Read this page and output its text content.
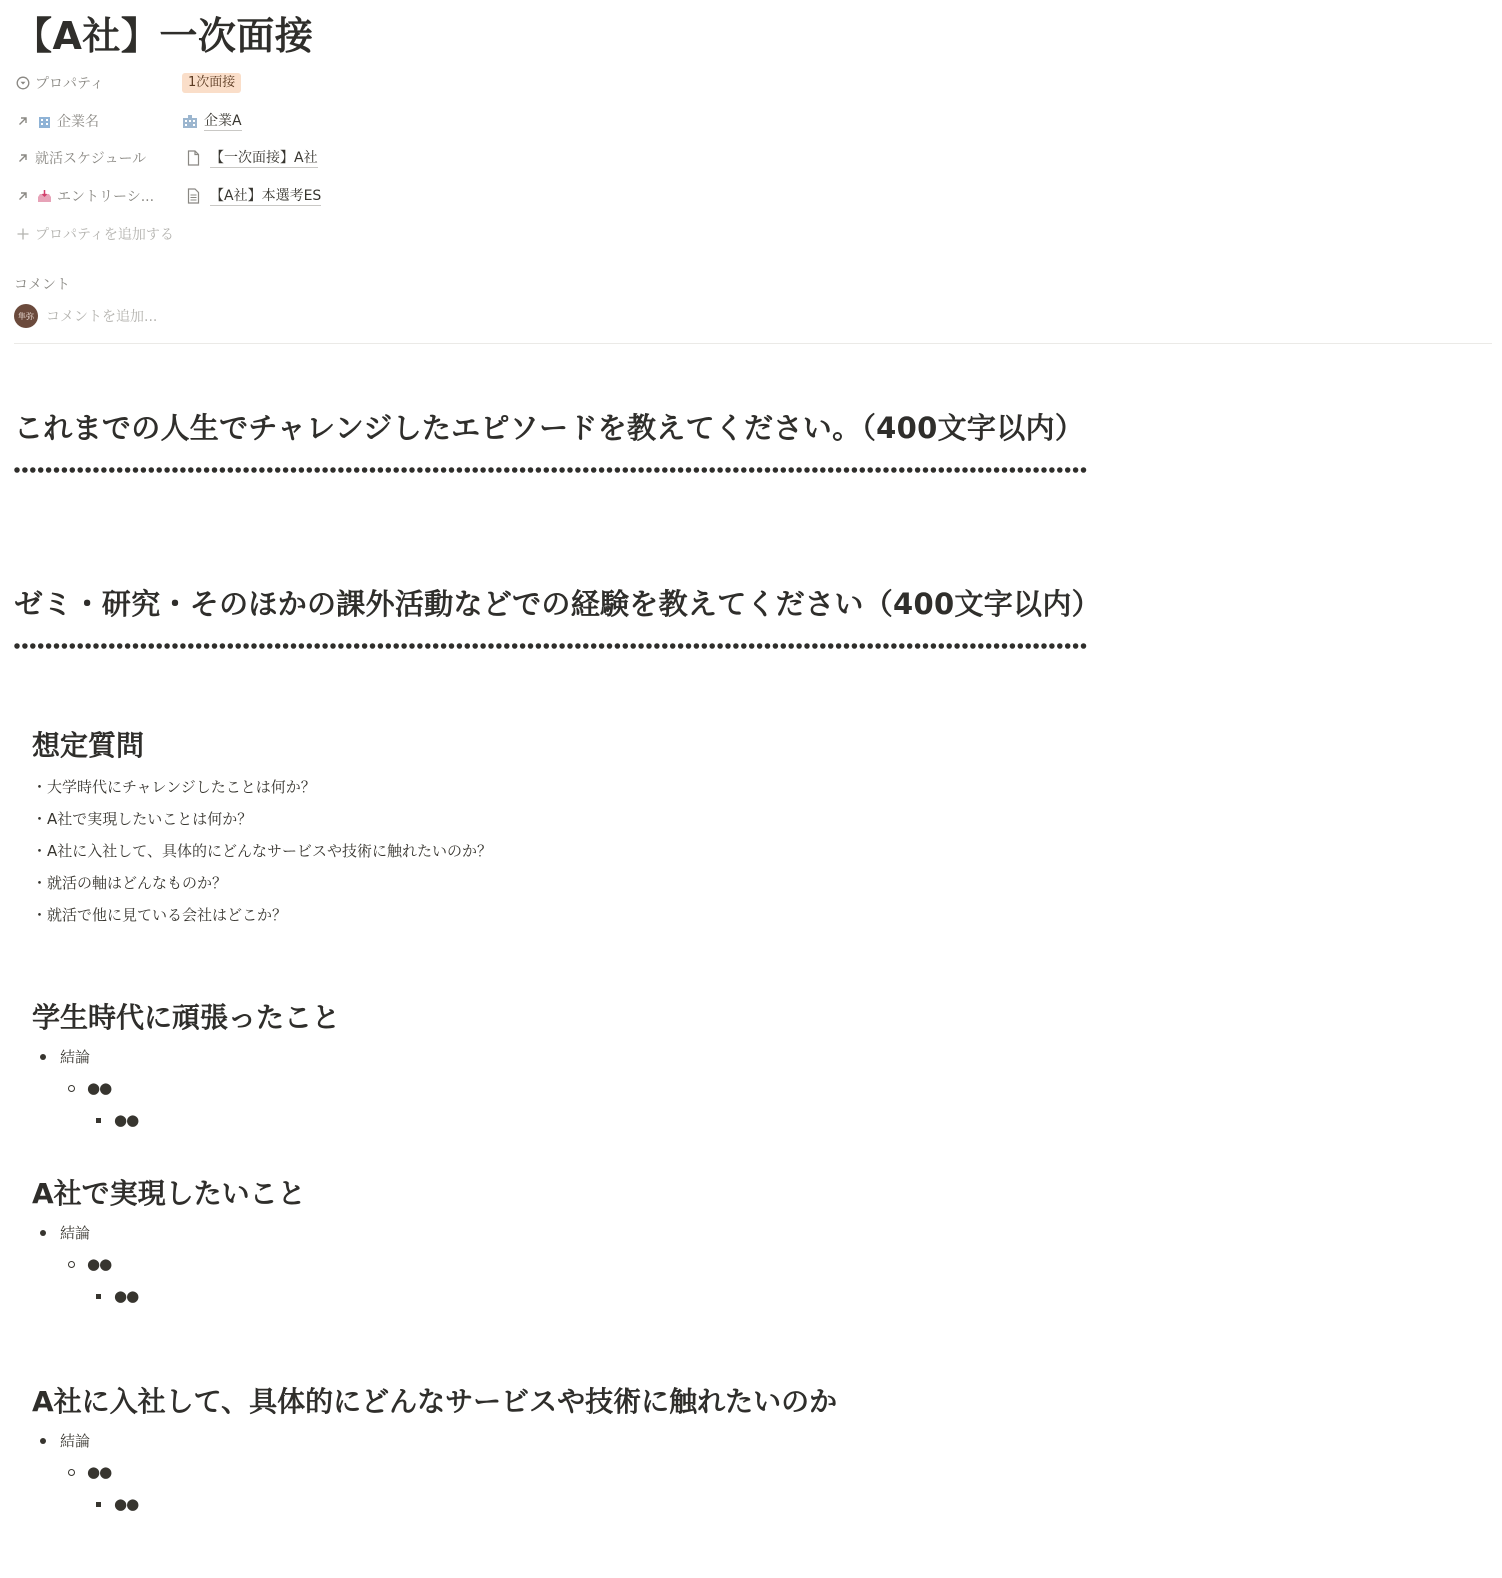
【A社】一次面接
プロパティ	1次面接
企業名	企業A
就活スケジュール	【一次面接】A社
エントリーシ...	【A社】本選考ES
プロパティを追加する
コメント
隼弥 コメントを追加...
これまでの人生でチャレンジしたエピソードを教えてください。（400文字以内）
ゼミ・研究・そのほかの課外活動などでの経験を教えてください（400文字以内）
想定質問
・大学時代にチャレンジしたことは何か？
・A社で実現したいことは何か？
・A社に入社して、具体的にどんなサービスや技術に触れたいのか？
・就活の軸はどんなものか？
・就活で他に見ている会社はどこか？
学生時代に頑張ったこと
結論
●●
●●
A社で実現したいこと
結論
●●
●●
A社に入社して、具体的にどんなサービスや技術に触れたいのか
結論
●●
●●
